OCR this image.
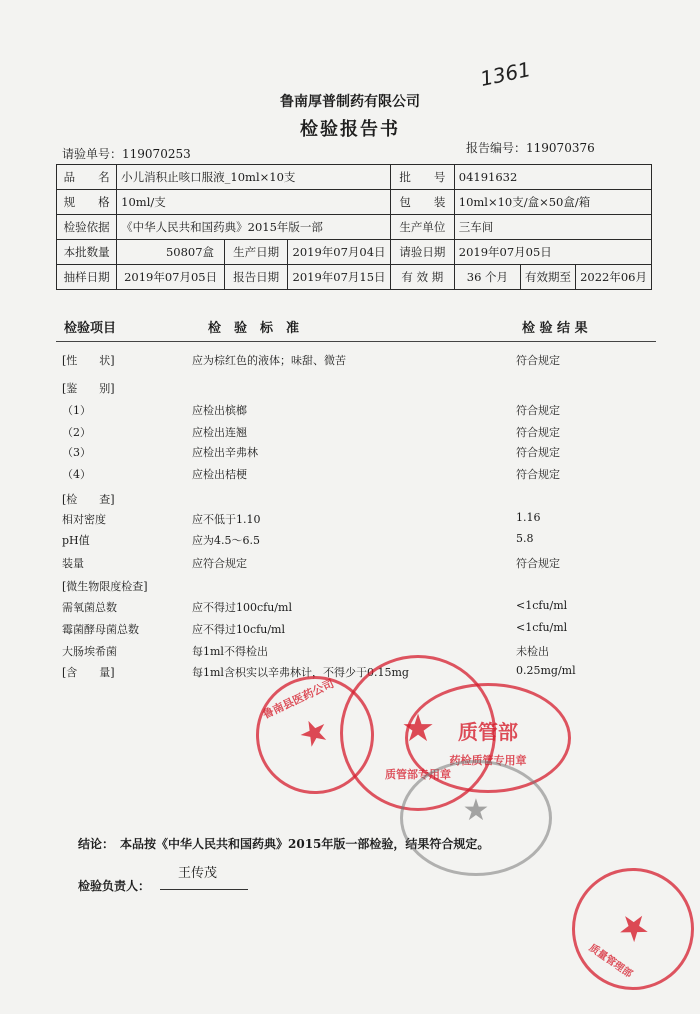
1361
鲁南厚普制药有限公司
检验报告书
请验单号：119070253	报告编号：119070376
品　　名	小儿消积止咳口服液_10ml×10支			批　　号	04191632		
规　　格	10ml/支			包　　装	10ml×10支/盒×50盒/箱		
检验依据	《中华人民共和国药典》2015年版一部			生产单位	三车间		
本批数量	50807盒	生产日期	2019年07月04日	请验日期	2019年07月05日		
抽样日期	2019年07月05日	报告日期	2019年07月15日	有 效 期	36 个月	有效期至	2022年06月
检验项目	检　验　标　准	检 验 结 果
[性　　状]	应为棕红色的液体；味甜、微苦	符合规定
[鉴　　别]
（1）	应检出槟榔	符合规定
（2）	应检出连翘	符合规定
（3）	应检出辛弗林	符合规定
（4）	应检出桔梗	符合规定
[检　　查]
相对密度	应不低于1.10	1.16
pH值	应为4.5～6.5	5.8
装量	应符合规定	符合规定
[微生物限度检查]
需氧菌总数	应不得过100cfu/ml	<1cfu/ml
霉菌酵母菌总数	应不得过10cfu/ml	<1cfu/ml
大肠埃希菌	每1ml不得检出	未检出
[含　　量]	每1ml含枳实以辛弗林计，不得少于0.15mg	0.25mg/ml
结论：　本品按《中华人民共和国药典》2015年版一部检验，结果符合规定。
检验负责人：
王传茂
鲁南县医药公司
★	★
质管部专用章
质管部
药检质管专用章
★
★
质量管理部
